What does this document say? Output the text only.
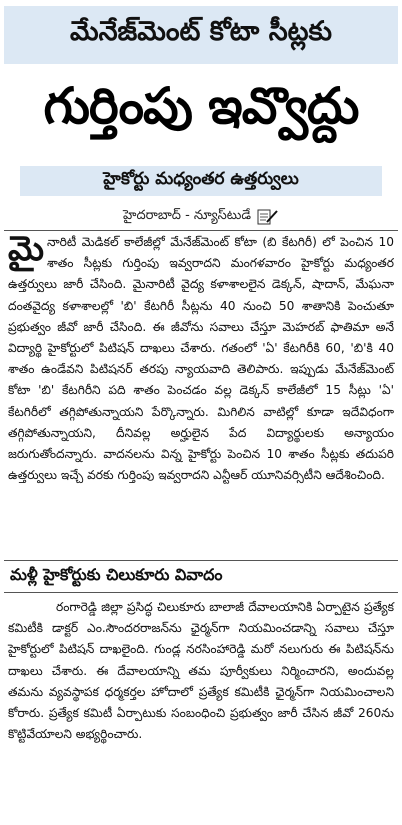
మేనేజ్‌మెంట్‌ కోటా సీట్లకు
గుర్తింపు ఇవ్వొద్దు
హైకోర్టు మధ్యంతర ఉత్తర్వులు
హైదరాబాద్‌ - న్యూస్‌టుడే

మైనారిటీ మెడికల్‌ కాలేజీల్లో మేనేజ్‌మెంట్‌ కోటా (బి కేటగిరీ) లో పెంచిన 10 శాతం సీట్లకు గుర్తింపు ఇవ్వరాదని మంగళవారం హైకోర్టు మధ్యంతర ఉత్తర్వులు జారీ చేసింది. మైనారిటీ వైద్య కళాశాలలైన డెక్కన్‌, షాదాన్‌, మేఘనా దంతవైద్య కళాశాలల్లో 'బి' కేటగిరీ సీట్లను 40 నుంచి 50 శాతానికి పెంచుతూ ప్రభుత్వం జీవో జారీ చేసింది. ఈ జీవోను సవాలు చేస్తూ మెహరబ్‌ ఫాతిమా అనే విద్యార్థి హైకోర్టులో పిటిషన్‌ దాఖలు చేశారు. గతంలో 'ఏ' కేటగిరీకి 60, 'బి'కి 40 శాతం ఉండేవని పిటిషనర్‌ తరపు న్యాయవాది తెలిపారు. ఇప్పుడు మేనేజ్‌మెంట్‌ కోటా 'బి' కేటగిరీని పది శాతం పెంచడం వల్ల డెక్కన్‌ కాలేజీలో 15 సీట్లు 'ఏ' కేటగిరీలో తగ్గిపోతున్నాయని పేర్కొన్నారు. మిగిలిన వాటిల్లో కూడా ఇదేవిధంగా తగ్గిపోతున్నాయని, దీనివల్ల అర్హులైన పేద విద్యార్థులకు అన్యాయం జరుగుతోందన్నారు. వాదనలను విన్న హైకోర్టు పెంచిన 10 శాతం సీట్లకు తదుపరి ఉత్తర్వులు ఇచ్చే వరకు గుర్తింపు ఇవ్వరాదని ఎన్టీఆర్‌ యూనివర్సిటీని ఆదేశించింది.

మళ్లీ హైకోర్టుకు చిలుకూరు వివాదం

రంగారెడ్డి జిల్లా ప్రసిద్ధ చిలుకూరు బాలాజీ దేవాలయానికి ఏర్పాటైన ప్రత్యేక కమిటీకి డాక్టర్‌ ఎం.సౌందరరాజన్‌ను ఛైర్మన్‌గా నియమించడాన్ని సవాలు చేస్తూ హైకోర్టులో పిటిషన్‌ దాఖలైంది. గుండ్ల నరసింహారెడ్డి మరో నలుగురు ఈ పిటిషన్‌ను దాఖలు చేశారు. ఈ దేవాలయాన్ని తమ పూర్వీకులు నిర్మించారని, అందువల్ల తమను వ్యవస్థాపక ధర్మకర్తల హోదాలో ప్రత్యేక కమిటీకి ఛైర్మన్‌గా నియమించాలని కోరారు. ప్రత్యేక కమిటీ ఏర్పాటుకు సంబంధించి ప్రభుత్వం జారీ చేసిన జీవో 260ను కొట్టివేయాలని అభ్యర్థించారు.
